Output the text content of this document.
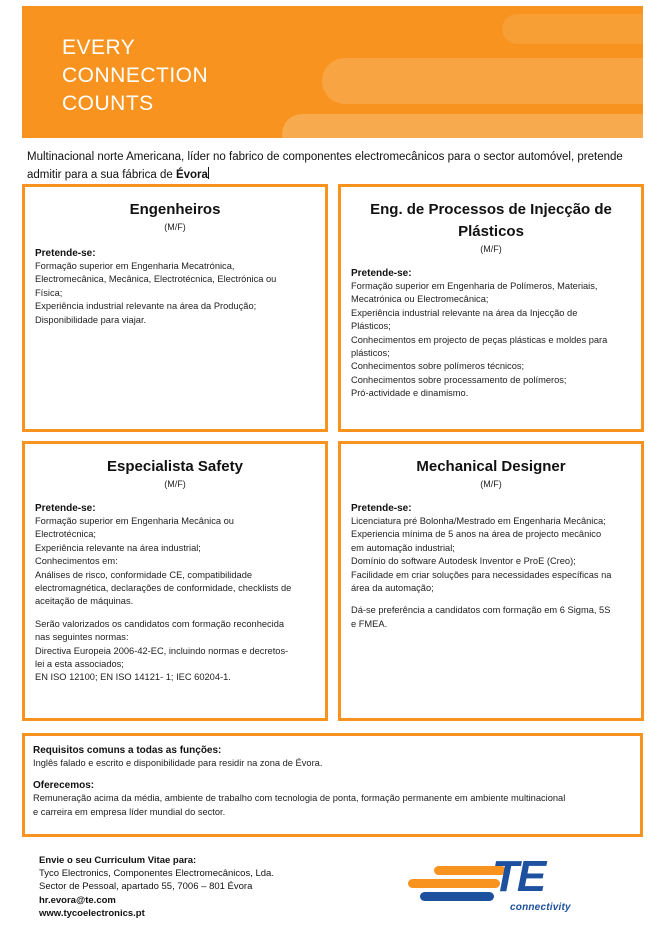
EVERY
CONNECTION
COUNTS

Multinacional norte Americana, líder no fabrico de componentes electromecânicos para o sector automóvel, pretende admitir para a sua fábrica de Évora

Engenheiros
(M/F)
Pretende-se:
Formação superior em Engenharia Mecatrónica,
Electromecânica, Mecânica, Electrotécnica, Electrónica ou
Física;
Experiência industrial relevante na área da Produção;
Disponibilidade para viajar.
Eng. de Processos de Injecção de Plásticos
(M/F)
Pretende-se:
Formação superior em Engenharia de Polímeros, Materiais,
Mecatrónica ou Electromecânica;
Experiência industrial relevante na área da Injecção de
Plásticos;
Conhecimentos em projecto de peças plásticas e moldes para
plásticos;
Conhecimentos sobre polímeros técnicos;
Conhecimentos sobre processamento de polímeros;
Pró-actividade e dinamismo.
Especialista Safety
(M/F)
Pretende-se:
Formação superior em Engenharia Mecânica ou
Electrotécnica;
Experiência relevante na área industrial;
Conhecimentos em:
Análises de risco, conformidade CE, compatibilidade
electromagnética, declarações de conformidade, checklists de
aceitação de máquinas.
Serão valorizados os candidatos com formação reconhecida
nas seguintes normas:
Directiva Europeia 2006-42-EC, incluindo normas e decretos-
lei a esta associados;
EN ISO 12100; EN ISO 14121- 1; IEC 60204-1.
Mechanical Designer
(M/F)
Pretende-se:
Licenciatura pré Bolonha/Mestrado em Engenharia Mecânica;
Experiencia mínima de 5 anos na área de projecto mecânico
em automação industrial;
Domínio do software Autodesk Inventor e ProE (Creo);
Facilidade em criar soluções para necessidades específicas na
área da automação;
Dá-se preferência a candidatos com formação em 6 Sigma, 5S
e FMEA.
Requisitos comuns a todas as funções:
Inglês falado e escrito e disponibilidade para residir na zona de Évora.
Oferecemos:
Remuneração acima da média, ambiente de trabalho com tecnologia de ponta, formação permanente em ambiente multinacional
e carreira em empresa líder mundial do sector.
Envie o seu Curriculum Vitae para:
Tyco Electronics, Componentes Electromecânicos, Lda.
Sector de Pessoal, apartado 55, 7006 – 801 Évora
hr.evora@te.com
www.tycoelectronics.pt
TE
connectivity
